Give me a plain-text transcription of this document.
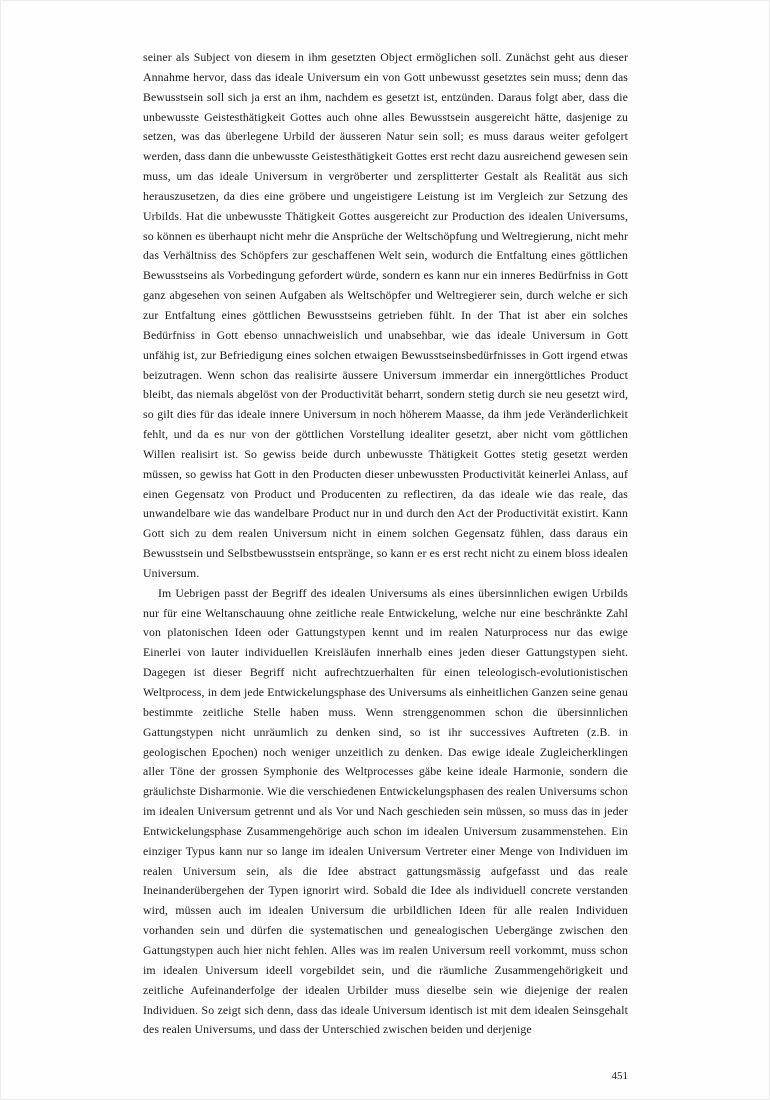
seiner als Subject von diesem in ihm gesetzten Object ermöglichen soll. Zunächst geht aus dieser Annahme hervor, dass das ideale Universum ein von Gott unbewusst gesetztes sein muss; denn das Bewusstsein soll sich ja erst an ihm, nachdem es gesetzt ist, entzünden. Daraus folgt aber, dass die unbewusste Geistesthätigkeit Gottes auch ohne alles Bewusstsein ausgereicht hätte, dasjenige zu setzen, was das überlegene Urbild der äusseren Natur sein soll; es muss daraus weiter gefolgert werden, dass dann die unbewusste Geistesthätigkeit Gottes erst recht dazu ausreichend gewesen sein muss, um das ideale Universum in vergröberter und zersplitterter Gestalt als Realität aus sich herauszusetzen, da dies eine gröbere und ungeistigere Leistung ist im Vergleich zur Setzung des Urbilds. Hat die unbewusste Thätigkeit Gottes ausgereicht zur Production des idealen Universums, so können es überhaupt nicht mehr die Ansprüche der Weltschöpfung und Weltregierung, nicht mehr das Verhältniss des Schöpfers zur geschaffenen Welt sein, wodurch die Entfaltung eines göttlichen Bewusstseins als Vorbedingung gefordert würde, sondern es kann nur ein inneres Bedürfniss in Gott ganz abgesehen von seinen Aufgaben als Weltschöpfer und Weltregierer sein, durch welche er sich zur Entfaltung eines göttlichen Bewusstseins getrieben fühlt. In der That ist aber ein solches Bedürfniss in Gott ebenso unnachweislich und unabsehbar, wie das ideale Universum in Gott unfähig ist, zur Befriedigung eines solchen etwaigen Bewusstseinsbedürfnisses in Gott irgend etwas beizutragen. Wenn schon das realisirte äussere Universum immerdar ein innergöttliches Product bleibt, das niemals abgelöst von der Productivität beharrt, sondern stetig durch sie neu gesetzt wird, so gilt dies für das ideale innere Universum in noch höherem Maasse, da ihm jede Veränderlichkeit fehlt, und da es nur von der göttlichen Vorstellung idealiter gesetzt, aber nicht vom göttlichen Willen realisirt ist. So gewiss beide durch unbewusste Thätigkeit Gottes stetig gesetzt werden müssen, so gewiss hat Gott in den Producten dieser unbewussten Productivität keinerlei Anlass, auf einen Gegensatz von Product und Producenten zu reflectiren, da das ideale wie das reale, das unwandelbare wie das wandelbare Product nur in und durch den Act der Productivität existirt. Kann Gott sich zu dem realen Universum nicht in einem solchen Gegensatz fühlen, dass daraus ein Bewusstsein und Selbstbewusstsein entspränge, so kann er es erst recht nicht zu einem bloss idealen Universum.

Im Uebrigen passt der Begriff des idealen Universums als eines übersinnlichen ewigen Urbilds nur für eine Weltanschauung ohne zeitliche reale Entwickelung, welche nur eine beschränkte Zahl von platonischen Ideen oder Gattungstypen kennt und im realen Naturprocess nur das ewige Einerlei von lauter individuellen Kreisläufen innerhalb eines jeden dieser Gattungstypen sieht. Dagegen ist dieser Begriff nicht aufrechtzuerhalten für einen teleologisch-evolutionistischen Weltprocess, in dem jede Entwickelungsphase des Universums als einheitlichen Ganzen seine genau bestimmte zeitliche Stelle haben muss. Wenn strenggenommen schon die übersinnlichen Gattungstypen nicht unräumlich zu denken sind, so ist ihr successives Auftreten (z.B. in geologischen Epochen) noch weniger unzeitlich zu denken. Das ewige ideale Zugleicherklingen aller Töne der grossen Symphonie des Weltprocesses gäbe keine ideale Harmonie, sondern die gräulichste Disharmonie. Wie die verschiedenen Entwickelungsphasen des realen Universums schon im idealen Universum getrennt und als Vor und Nach geschieden sein müssen, so muss das in jeder Entwickelungsphase Zusammengehörige auch schon im idealen Universum zusammenstehen. Ein einziger Typus kann nur so lange im idealen Universum Vertreter einer Menge von Individuen im realen Universum sein, als die Idee abstract gattungsmässig aufgefasst und das reale Ineinanderübergehen der Typen ignorirt wird. Sobald die Idee als individuell concrete verstanden wird, müssen auch im idealen Universum die urbildlichen Ideen für alle realen Individuen vorhanden sein und dürfen die systematischen und genealogischen Uebergänge zwischen den Gattungstypen auch hier nicht fehlen. Alles was im realen Universum reell vorkommt, muss schon im idealen Universum ideell vorgebildet sein, und die räumliche Zusammengehörigkeit und zeitliche Aufeinanderfolge der idealen Urbilder muss dieselbe sein wie diejenige der realen Individuen. So zeigt sich denn, dass das ideale Universum identisch ist mit dem idealen Seinsgehalt des realen Universums, und dass der Unterschied zwischen beiden und derjenige

451
